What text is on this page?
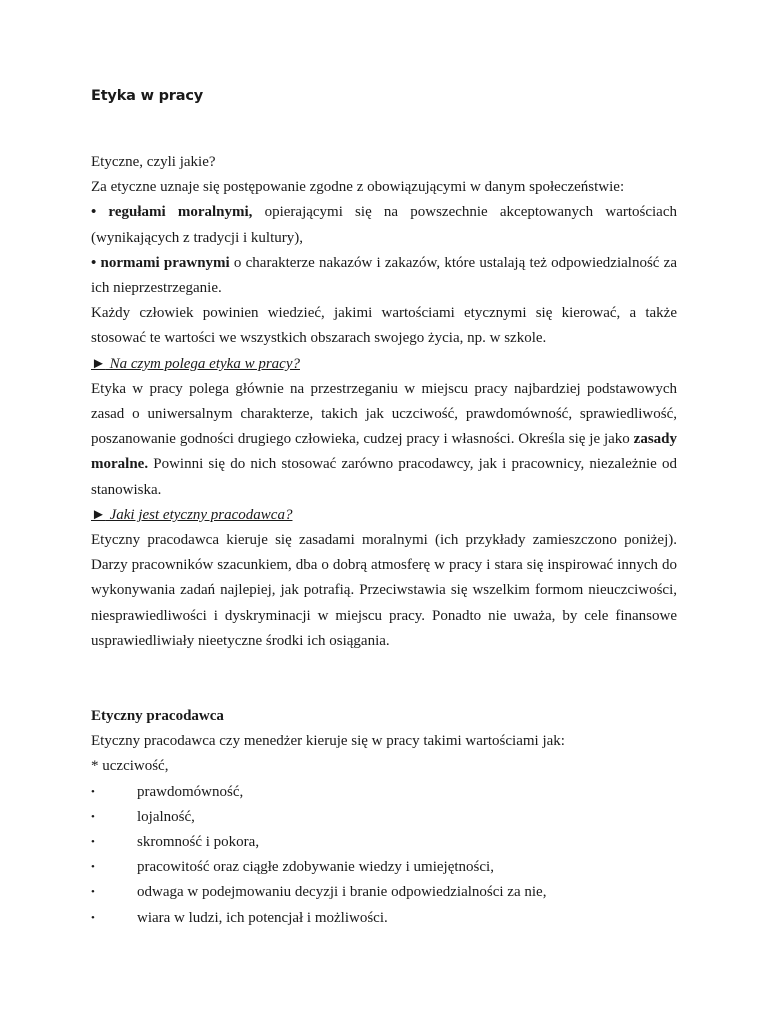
Etyka w pracy

Etyczne, czyli jakie?

Za etyczne uznaje się postępowanie zgodne z obowiązującymi w danym społeczeństwie:

• regułami moralnymi, opierającymi się na powszechnie akceptowanych wartościach (wynikających z tradycji i kultury),

• normami prawnymi o charakterze nakazów i zakazów, które ustalają też odpowiedzialność za ich nieprzestrzeganie.

Każdy człowiek powinien wiedzieć, jakimi wartościami etycznymi się kierować, a także stosować te wartości we wszystkich obszarach swojego życia, np. w szkole.

► Na czym polega etyka w pracy?

Etyka w pracy polega głównie na przestrzeganiu w miejscu pracy najbardziej podstawowych zasad o uniwersalnym charakterze, takich jak uczciwość, prawdomówność, sprawiedliwość, poszanowanie godności drugiego człowieka, cudzej pracy i własności. Określa się je jako zasady moralne. Powinni się do nich stosować zarówno pracodawcy, jak i pracownicy, niezależnie od stanowiska.

► Jaki jest etyczny pracodawca?

Etyczny pracodawca kieruje się zasadami moralnymi (ich przykłady zamieszczono poniżej). Darzy pracowników szacunkiem, dba o dobrą atmosferę w pracy i stara się inspirować innych do wykonywania zadań najlepiej, jak potrafią. Przeciwstawia się wszelkim formom nieuczciwości, niesprawiedliwości i dyskryminacji w miejscu pracy. Ponadto nie uważa, by cele finansowe usprawiedliwiały nieetyczne środki ich osiągania.

Etyczny pracodawca

Etyczny pracodawca czy menedżer kieruje się w pracy takimi wartościami jak:

* uczciwość,

•	prawdomówność,
•	lojalność,
•	skromność i pokora,
•	pracowitość oraz ciągłe zdobywanie wiedzy i umiejętności,
•	odwaga w podejmowaniu decyzji i branie odpowiedzialności za nie,
•	wiara w ludzi, ich potencjał i możliwości.
